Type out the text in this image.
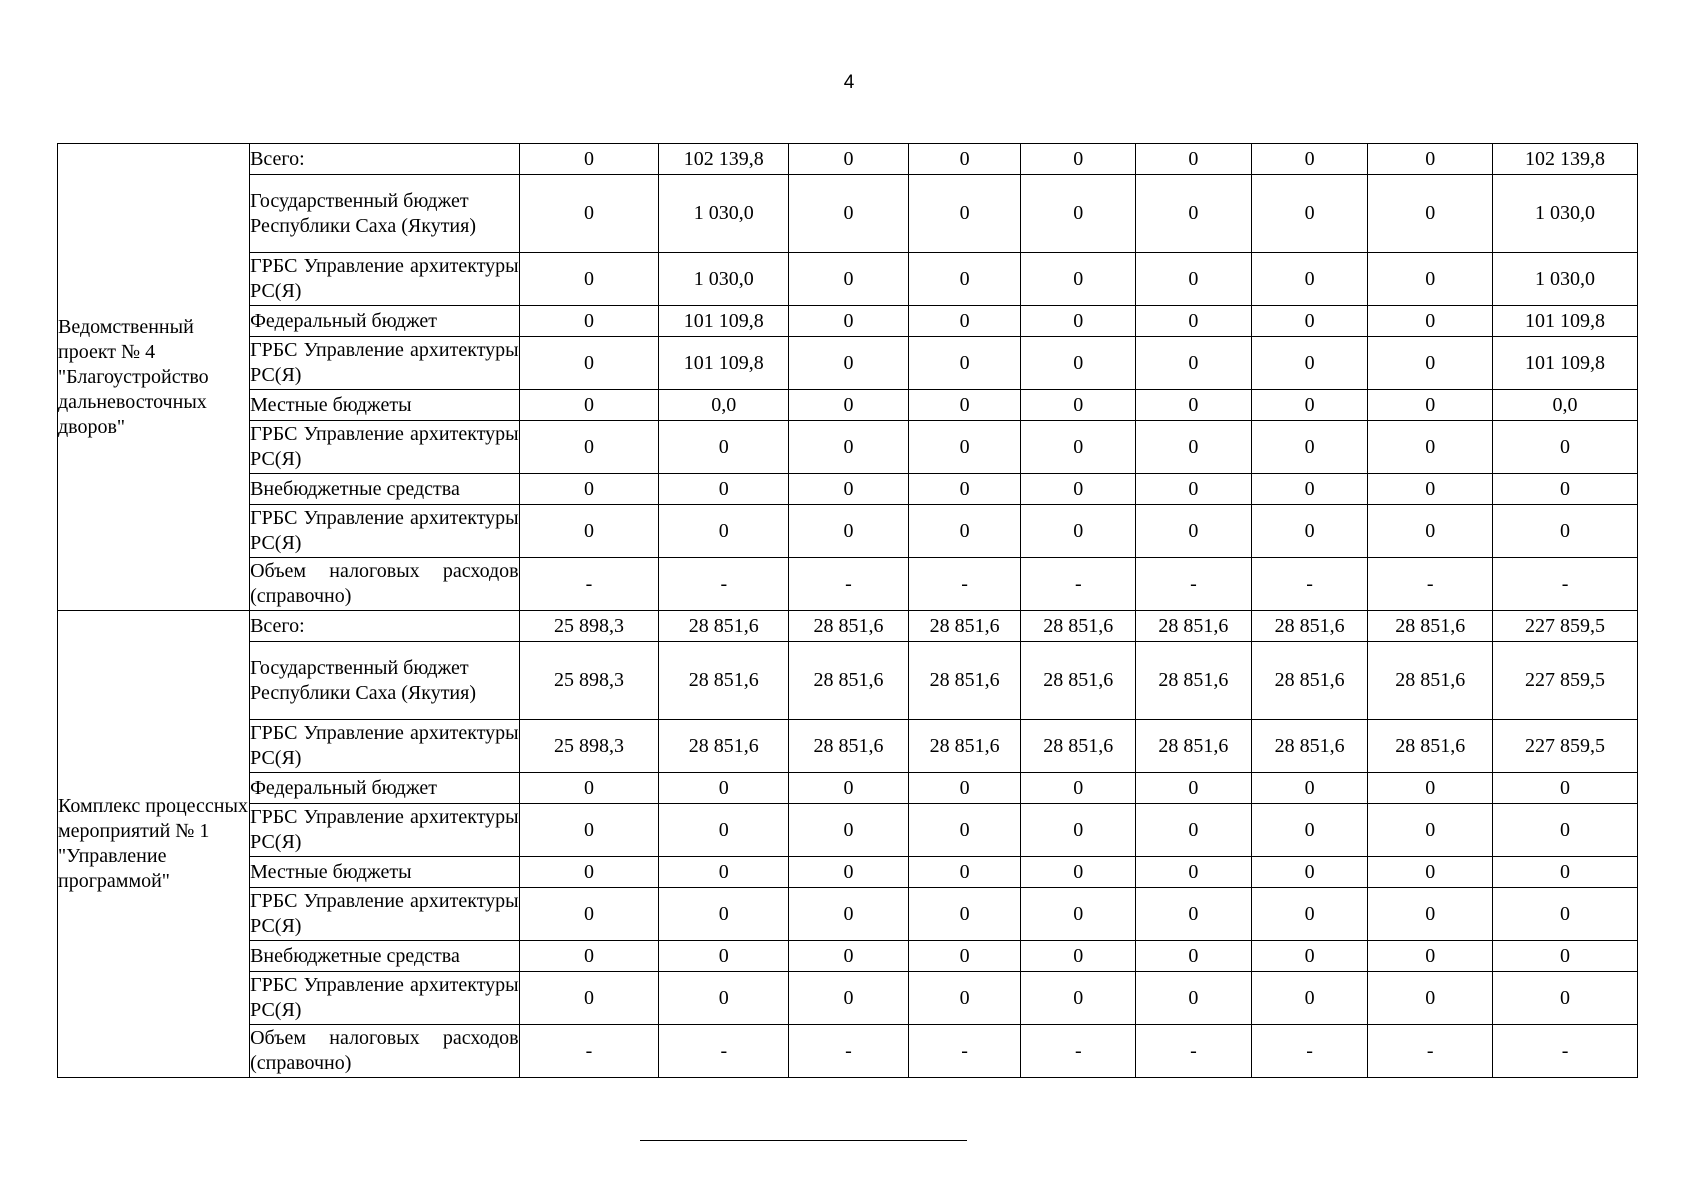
4
Ведомственный проект № 4 "Благоустройство дальневосточных дворов"	Всего:	0	102 139,8	0	0	0	0	0	0	102 139,8
	Государственный бюджет Республики Саха (Якутия)	0	1 030,0	0	0	0	0	0	0	1 030,0
	ГРБС Управление архитектуры РС(Я)	0	1 030,0	0	0	0	0	0	0	1 030,0
	Федеральный бюджет	0	101 109,8	0	0	0	0	0	0	101 109,8
	ГРБС Управление архитектуры РС(Я)	0	101 109,8	0	0	0	0	0	0	101 109,8
	Местные бюджеты	0	0,0	0	0	0	0	0	0	0,0
	ГРБС Управление архитектуры РС(Я)	0	0	0	0	0	0	0	0	0
	Внебюджетные средства	0	0	0	0	0	0	0	0	0
	ГРБС Управление архитектуры РС(Я)	0	0	0	0	0	0	0	0	0
	Объем налоговых расходов (справочно)	-	-	-	-	-	-	-	-	-
Комплекс процессных мероприятий № 1 "Управление программой"	Всего:	25 898,3	28 851,6	28 851,6	28 851,6	28 851,6	28 851,6	28 851,6	28 851,6	227 859,5
	Государственный бюджет Республики Саха (Якутия)	25 898,3	28 851,6	28 851,6	28 851,6	28 851,6	28 851,6	28 851,6	28 851,6	227 859,5
	ГРБС Управление архитектуры РС(Я)	25 898,3	28 851,6	28 851,6	28 851,6	28 851,6	28 851,6	28 851,6	28 851,6	227 859,5
	Федеральный бюджет	0	0	0	0	0	0	0	0	0
	ГРБС Управление архитектуры РС(Я)	0	0	0	0	0	0	0	0	0
	Местные бюджеты	0	0	0	0	0	0	0	0	0
	ГРБС Управление архитектуры РС(Я)	0	0	0	0	0	0	0	0	0
	Внебюджетные средства	0	0	0	0	0	0	0	0	0
	ГРБС Управление архитектуры РС(Я)	0	0	0	0	0	0	0	0	0
	Объем налоговых расходов (справочно)	-	-	-	-	-	-	-	-	-
